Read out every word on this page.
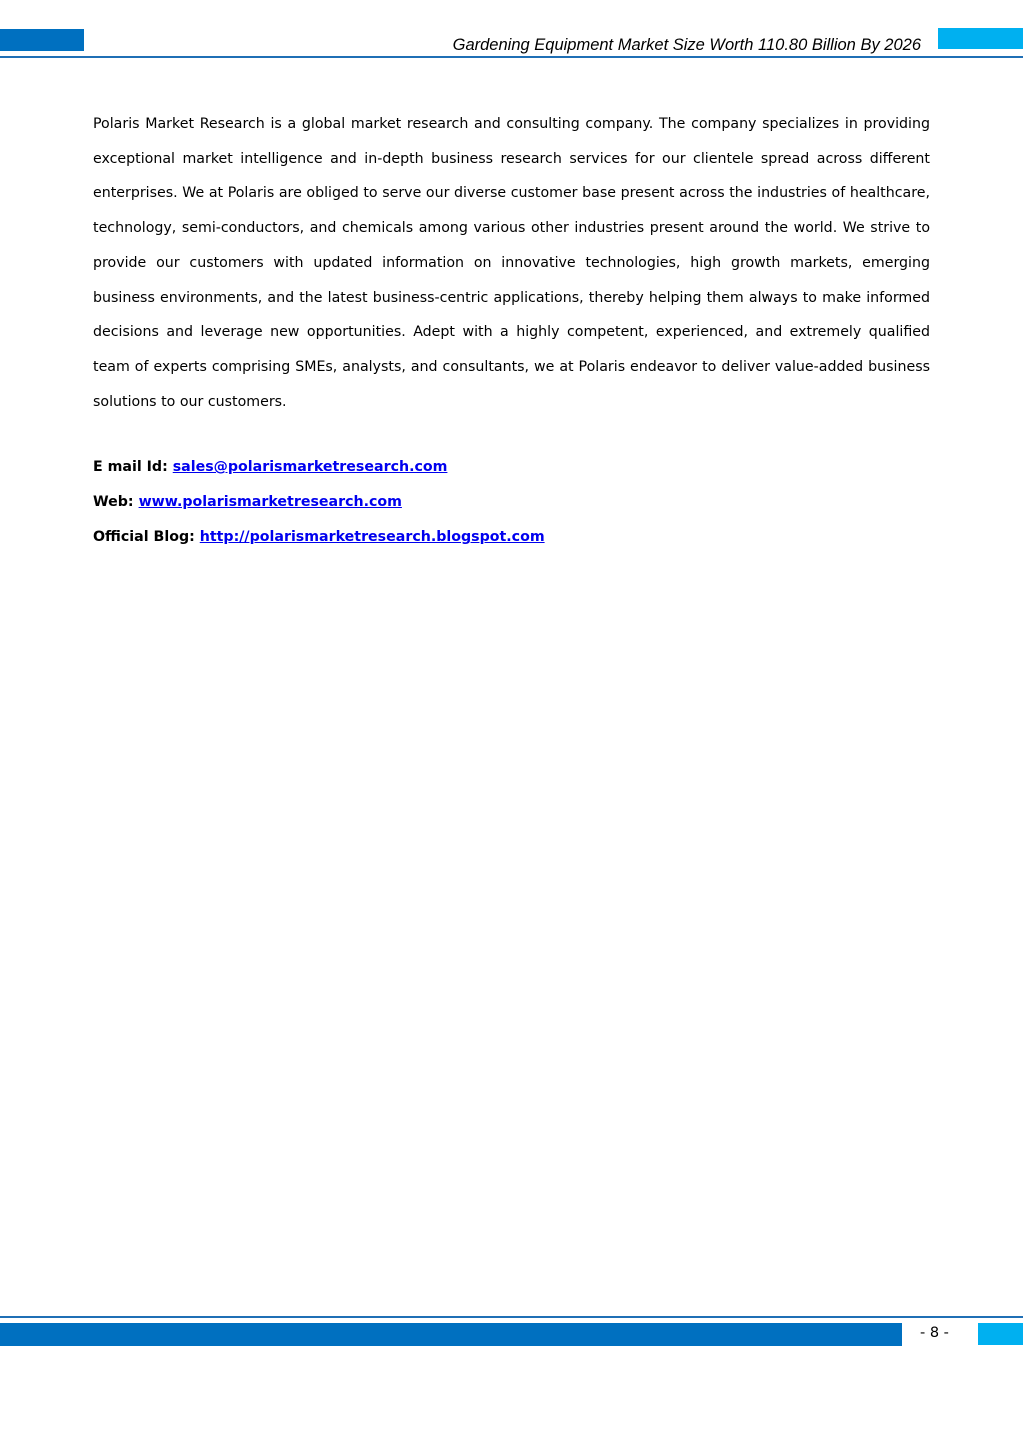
Gardening Equipment Market Size Worth 110.80 Billion By 2026

Polaris Market Research is a global market research and consulting company. The company specializes in providing exceptional market intelligence and in-depth business research services for our clientele spread across different enterprises. We at Polaris are obliged to serve our diverse customer base present across the industries of healthcare, technology, semi-conductors, and chemicals among various other industries present around the world. We strive to provide our customers with updated information on innovative technologies, high growth markets, emerging business environments, and the latest business-centric applications, thereby helping them always to make informed decisions and leverage new opportunities. Adept with a highly competent, experienced, and extremely qualified team of experts comprising SMEs, analysts, and consultants, we at Polaris endeavor to deliver value-added business solutions to our customers.

E mail Id: sales@polarismarketresearch.com
Web: www.polarismarketresearch.com
Official Blog: http://polarismarketresearch.blogspot.com
- 8 -
